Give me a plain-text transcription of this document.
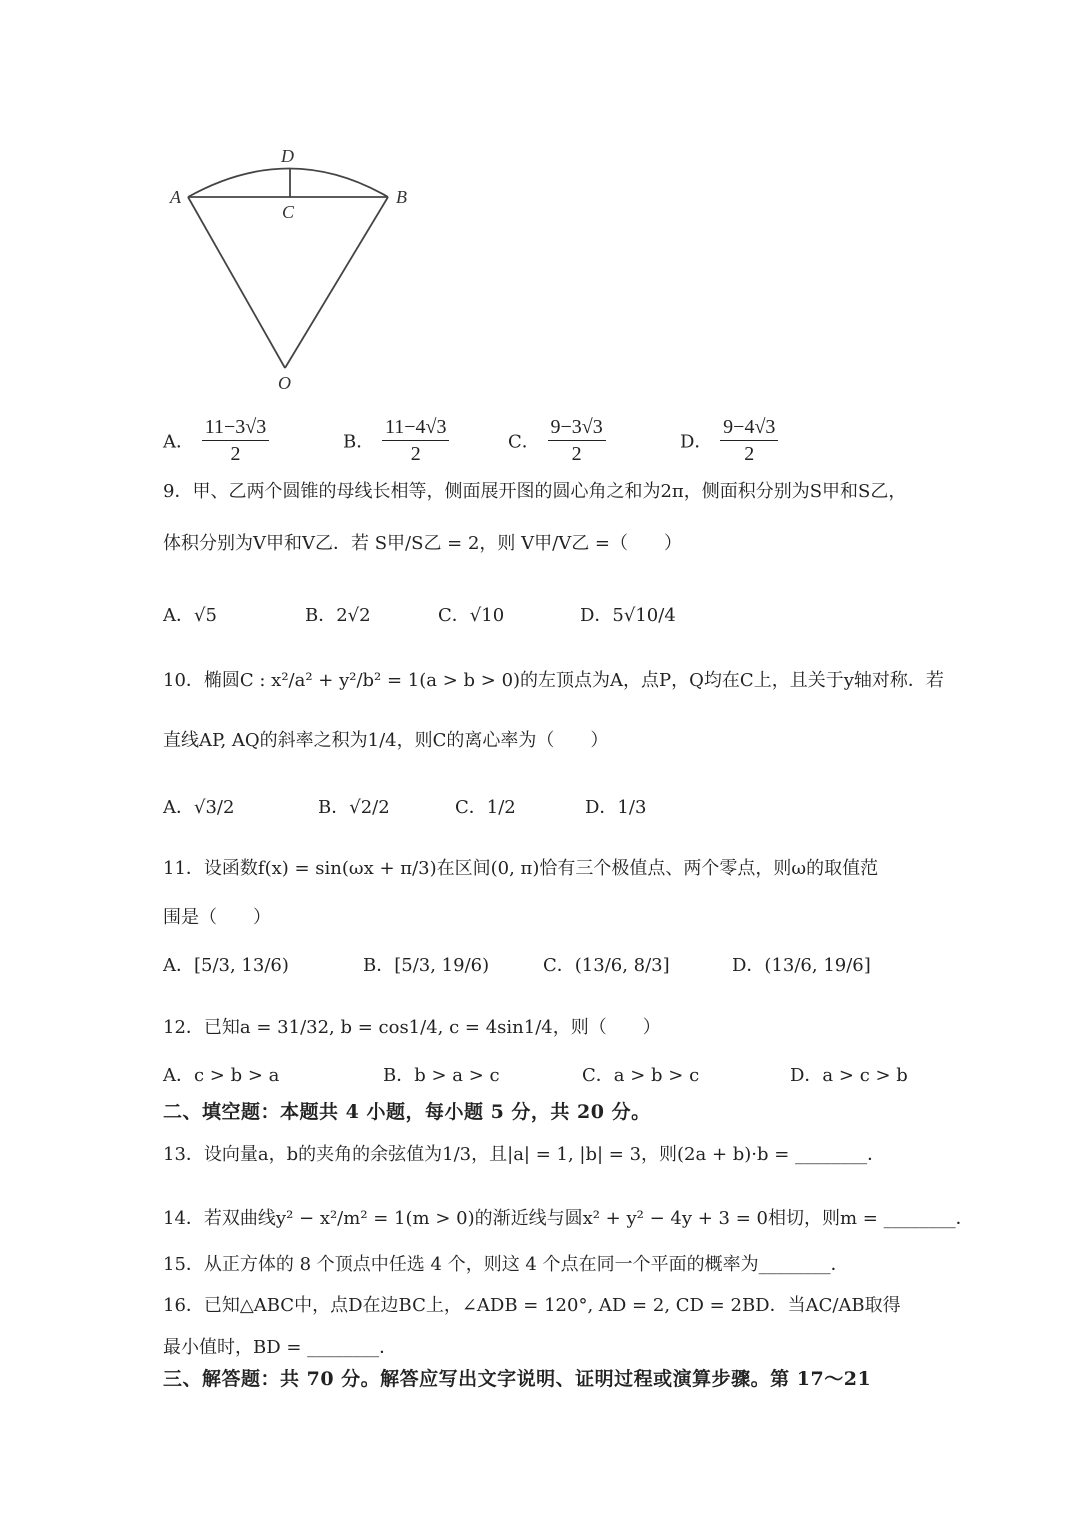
D
A	B
C
O
A． $\frac{11-3√3}{2}$	B． $\frac{11-4√3}{2}$	C． $\frac{9-3√3}{2}$	D． $\frac{9-4√3}{2}$
9．甲、乙两个圆锥的母线长相等，侧面展开图的圆心角之和为2π，侧面积分别为S甲和S乙，
体积分别为V甲和V乙．若 S甲/S乙 = 2，则 V甲/V乙 =（　　）
A．√5	B．2√2	C．√10	D．5√10/4
10．椭圆C : x²/a² + y²/b² = 1(a > b > 0)的左顶点为A，点P，Q均在C上，且关于y轴对称．若
直线AP, AQ的斜率之积为1/4，则C的离心率为（　　）
A．√3/2	B．√2/2	C．1/2	D．1/3
11．设函数f(x) = sin(ωx + π/3)在区间(0, π)恰有三个极值点、两个零点，则ω的取值范
围是（　　）
A．[5/3, 13/6)	B．[5/3, 19/6)	C．(13/6, 8/3]	D．(13/6, 19/6]
12．已知a = 31/32, b = cos1/4, c = 4sin1/4，则（　　）
A．c > b > a	B．b > a > c	C．a > b > c	D．a > c > b
二、填空题：本题共 4 小题，每小题 5 分，共 20 分。
13．设向量a，b的夹角的余弦值为1/3，且|a| = 1, |b| = 3，则(2a + b)·b = ________．
14．若双曲线y² − x²/m² = 1(m > 0)的渐近线与圆x² + y² − 4y + 3 = 0相切，则m = ________．
15．从正方体的 8 个顶点中任选 4 个，则这 4 个点在同一个平面的概率为________．
16．已知△ABC中，点D在边BC上，∠ADB = 120°, AD = 2, CD = 2BD．当AC/AB取得
最小值时，BD = ________．
三、解答题：共 70 分。解答应写出文字说明、证明过程或演算步骤。第 17～21
